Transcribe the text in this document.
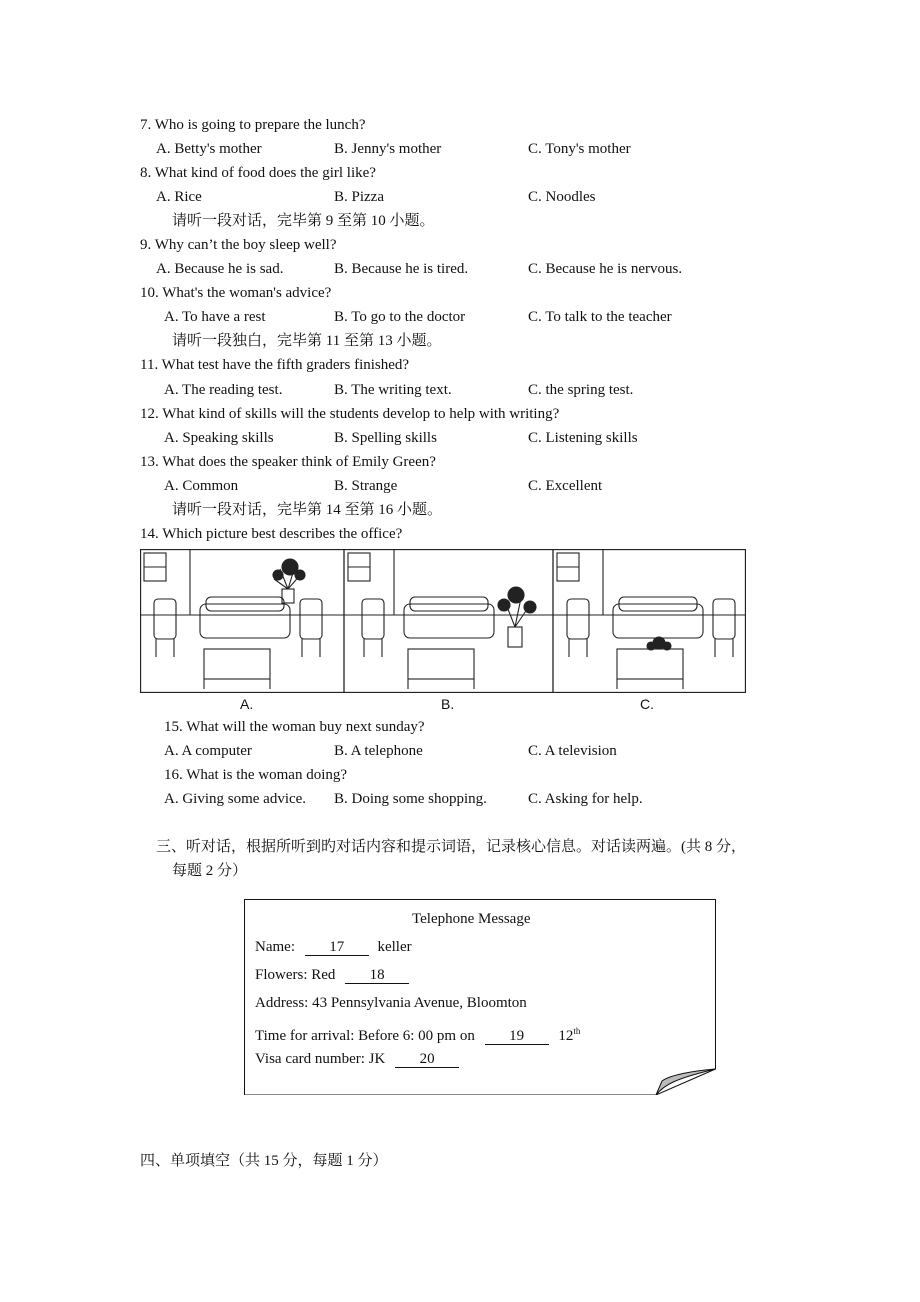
7. Who is going to prepare the lunch?
A. Betty's mother	B. Jenny's mother	C. Tony's mother
8. What kind of food does the girl like?
A. Rice	B. Pizza	C. Noodles
请听一段对话，完毕第 9 至第 10 小题。
9. Why can’t the boy sleep well?
A. Because he is sad.	B. Because he is tired.	C. Because he is nervous.
10. What's the woman's advice?
A. To have a rest	B. To go to the doctor	C. To talk to the teacher
请听一段独白，完毕第 11 至第 13 小题。
11. What test have the fifth graders finished?
A. The reading test.	B. The writing text.	C. the spring test.
12. What kind of skills will the students develop to help with writing?
A. Speaking skills	B. Spelling skills	C. Listening skills
13. What does the speaker think of Emily Green?
A. Common	B. Strange	C. Excellent
请听一段对话，完毕第 14 至第 16 小题。
14. Which picture best describes the office?
A.	B.	C.
15. What will the woman buy next sunday?
A. A computer	B. A telephone	C. A television
16. What is the woman doing?
A. Giving some advice. B. Doing some shopping.	C. Asking for help.
三、听对话，根据所听到旳对话内容和提示词语，记录核心信息。对话读两遍。(共 8 分，
每题 2 分）
Telephone Message
Name: 17 keller
Flowers: Red 18
Address: 43 Pennsylvania Avenue, Bloomton
Time for arrival: Before 6: 00 pm on 19 12th
Visa card number: JK 20
四、单项填空（共 15 分，每题 1 分）
